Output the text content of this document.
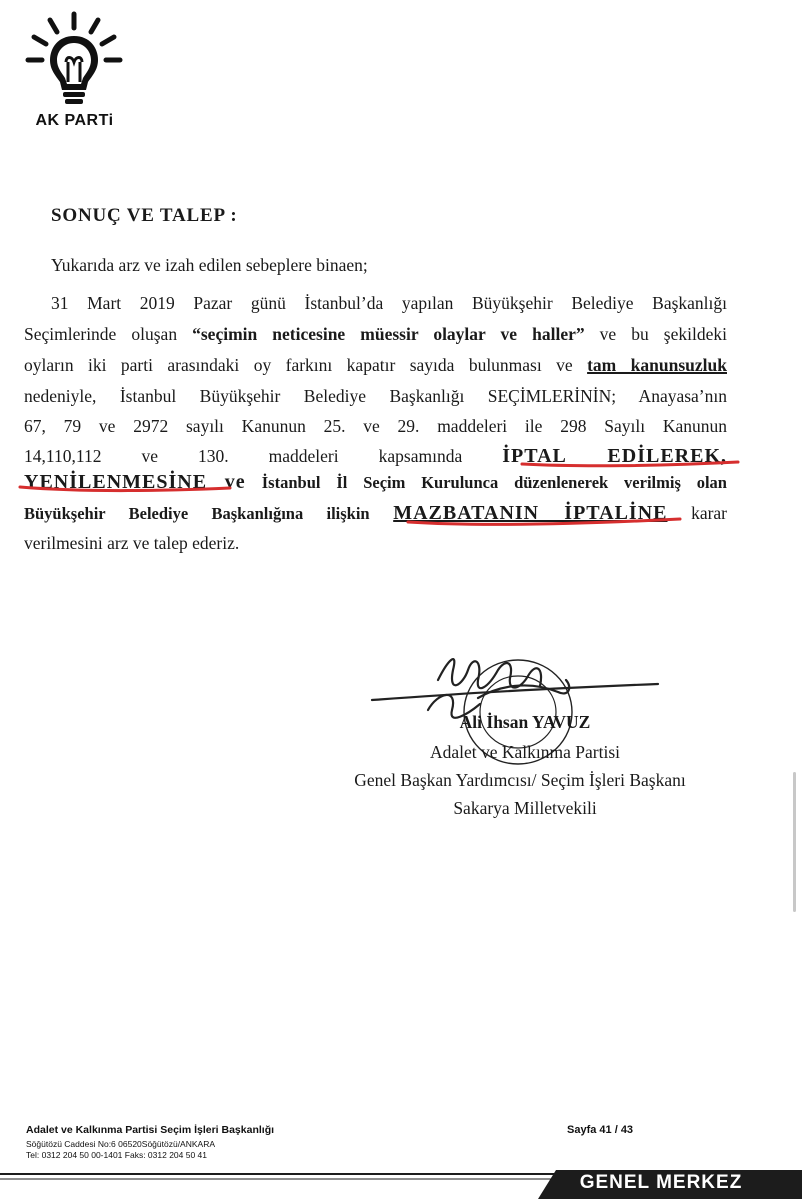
AK PARTi
SONUÇ VE TALEP :
Yukarıda arz ve izah edilen sebeplere binaen;
31 Mart 2019 Pazar günü İstanbul’da yapılan Büyükşehir Belediye Başkanlığı
Seçimlerinde oluşan “seçimin neticesine müessir olaylar ve haller” ve bu şekildeki
oyların iki parti arasındaki oy farkını kapatır sayıda bulunması ve tam kanunsuzluk
nedeniyle, İstanbul Büyükşehir Belediye Başkanlığı SEÇİMLERİNİN; Anayasa’nın
67, 79 ve 2972 sayılı Kanunun 25. ve 29. maddeleri ile 298 Sayılı Kanunun
14,110,112 ve 130. maddeleri kapsamında İPTAL EDİLEREK,
YENİLENMESİNE ve İstanbul İl Seçim Kurulunca düzenlenerek verilmiş olan
Büyükşehir Belediye Başkanlığına ilişkin MAZBATANIN İPTALİNE karar
verilmesini arz ve talep ederiz.
Ali İhsan YAVUZ
Adalet ve Kalkınma Partisi
Genel Başkan Yardımcısı/ Seçim İşleri Başkanı
Sakarya Milletvekili
Adalet ve Kalkınma Partisi Seçim İşleri Başkanlığı
Söğütözü Caddesi No:6 06520Söğütözü/ANKARA
Tel: 0312 204 50 00-1401 Faks: 0312 204 50 41
Sayfa 41 / 43
GENEL MERKEZ
